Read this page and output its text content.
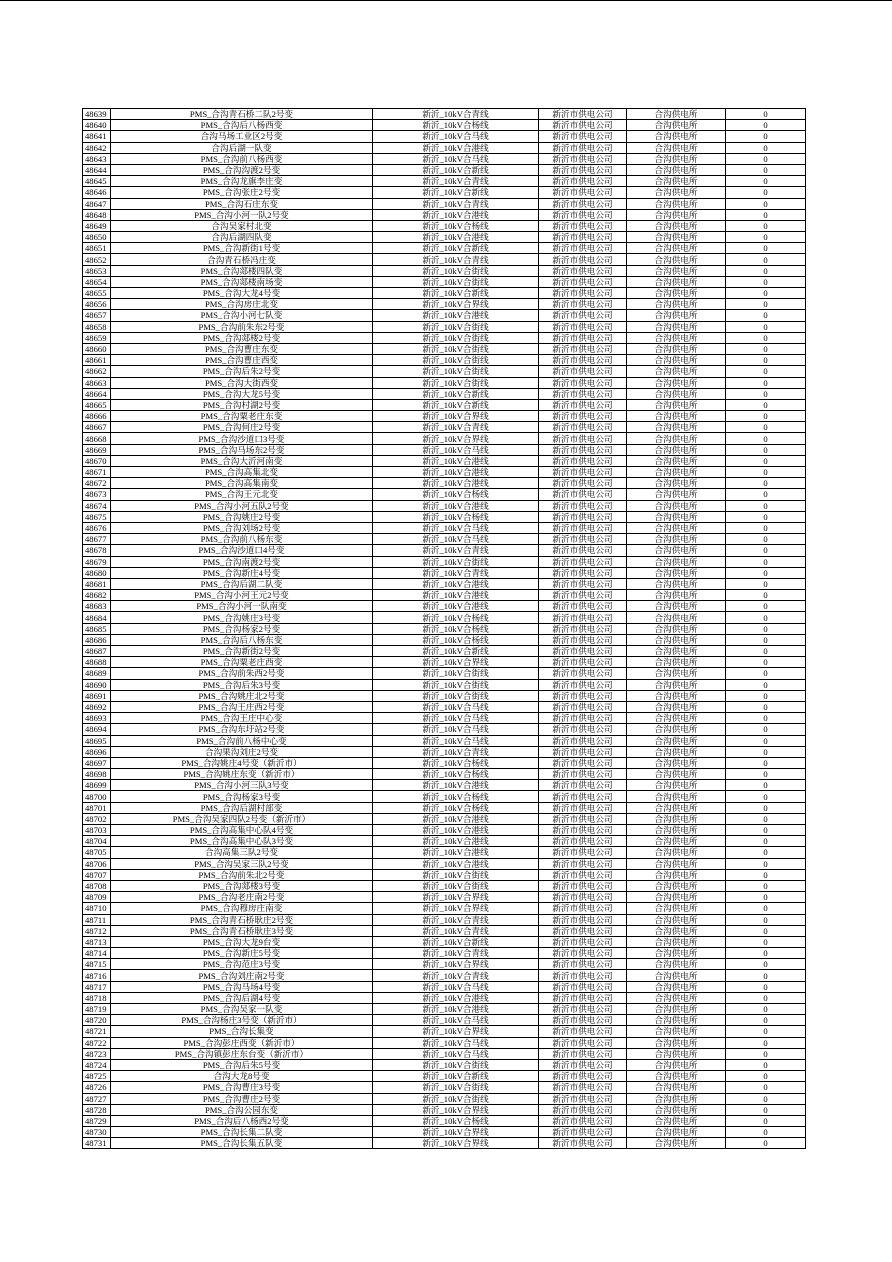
48639	PMS_合沟青石桥二队2号变	新沂_10kV合青线	新沂市供电公司	合沟供电所	0
48640	PMS_合沟后八杨西变	新沂_10kV合杨线	新沂市供电公司	合沟供电所	0
48641	合沟马场工业区2号变	新沂_10kV合马线	新沂市供电公司	合沟供电所	0
48642	合沟后湖一队变	新沂_10kV合港线	新沂市供电公司	合沟供电所	0
48643	PMS_合沟前八杨西变	新沂_10kV合马线	新沂市供电公司	合沟供电所	0
48644	PMS_合沟沟渡2号变	新沂_10kV合新线	新沂市供电公司	合沟供电所	0
48645	PMS_合沟龙旗李庄变	新沂_10kV合青线	新沂市供电公司	合沟供电所	0
48646	PMS_合沟张庄2号变	新沂_10kV合新线	新沂市供电公司	合沟供电所	0
48647	PMS_合沟石庄东变	新沂_10kV合青线	新沂市供电公司	合沟供电所	0
48648	PMS_合沟小河一队2号变	新沂_10kV合港线	新沂市供电公司	合沟供电所	0
48649	合沟吴家村北变	新沂_10kV合杨线	新沂市供电公司	合沟供电所	0
48650	合沟后湖四队变	新沂_10kV合港线	新沂市供电公司	合沟供电所	0
48651	PMS_合沟新街1号变	新沂_10kV合新线	新沂市供电公司	合沟供电所	0
48652	合沟青石桥冯庄变	新沂_10kV合青线	新沂市供电公司	合沟供电所	0
48653	PMS_合沟郯楼四队变	新沂_10kV合街线	新沂市供电公司	合沟供电所	0
48654	PMS_合沟郯楼南场变	新沂_10kV合街线	新沂市供电公司	合沟供电所	0
48655	PMS_合沟大龙4号变	新沂_10kV合新线	新沂市供电公司	合沟供电所	0
48656	PMS_合沟房庄北变	新沂_10kV合界线	新沂市供电公司	合沟供电所	0
48657	PMS_合沟小河七队变	新沂_10kV合港线	新沂市供电公司	合沟供电所	0
48658	PMS_合沟前朱东2号变	新沂_10kV合街线	新沂市供电公司	合沟供电所	0
48659	PMS_合沟郯楼2号变	新沂_10kV合街线	新沂市供电公司	合沟供电所	0
48660	PMS_合沟曹庄东变	新沂_10kV合街线	新沂市供电公司	合沟供电所	0
48661	PMS_合沟曹庄西变	新沂_10kV合街线	新沂市供电公司	合沟供电所	0
48662	PMS_合沟后朱2号变	新沂_10kV合街线	新沂市供电公司	合沟供电所	0
48663	PMS_合沟大街西变	新沂_10kV合街线	新沂市供电公司	合沟供电所	0
48664	PMS_合沟大龙5号变	新沂_10kV合新线	新沂市供电公司	合沟供电所	0
48665	PMS_合沟村湖2号变	新沂_10kV合新线	新沂市供电公司	合沟供电所	0
48666	PMS_合沟粟老庄东变	新沂_10kV合界线	新沂市供电公司	合沟供电所	0
48667	PMS_合沟何庄2号变	新沂_10kV合青线	新沂市供电公司	合沟供电所	0
48668	PMS_合沟沙道口3号变	新沂_10kV合界线	新沂市供电公司	合沟供电所	0
48669	PMS_合沟马场东2号变	新沂_10kV合马线	新沂市供电公司	合沟供电所	0
48670	PMS_合沟大沂河南变	新沂_10kV合港线	新沂市供电公司	合沟供电所	0
48671	PMS_合沟高集北变	新沂_10kV合港线	新沂市供电公司	合沟供电所	0
48672	PMS_合沟高集南变	新沂_10kV合港线	新沂市供电公司	合沟供电所	0
48673	PMS_合沟王元北变	新沂_10kV合杨线	新沂市供电公司	合沟供电所	0
48674	PMS_合沟小河五队2号变	新沂_10kV合港线	新沂市供电公司	合沟供电所	0
48675	PMS_合沟姚庄2号变	新沂_10kV合杨线	新沂市供电公司	合沟供电所	0
48676	PMS_合沟刘场2号变	新沂_10kV合马线	新沂市供电公司	合沟供电所	0
48677	PMS_合沟前八杨东变	新沂_10kV合马线	新沂市供电公司	合沟供电所	0
48678	PMS_合沟沙道口4号变	新沂_10kV合青线	新沂市供电公司	合沟供电所	0
48679	PMS_合沟南渡2号变	新沂_10kV合街线	新沂市供电公司	合沟供电所	0
48680	PMS_合沟新庄4号变	新沂_10kV合青线	新沂市供电公司	合沟供电所	0
48681	PMS_合沟后湖二队变	新沂_10kV合港线	新沂市供电公司	合沟供电所	0
48682	PMS_合沟小河王元2号变	新沂_10kV合港线	新沂市供电公司	合沟供电所	0
48683	PMS_合沟小河一队南变	新沂_10kV合港线	新沂市供电公司	合沟供电所	0
48684	PMS_合沟姚庄3号变	新沂_10kV合杨线	新沂市供电公司	合沟供电所	0
48685	PMS_合沟杨家2号变	新沂_10kV合杨线	新沂市供电公司	合沟供电所	0
48686	PMS_合沟后八杨东变	新沂_10kV合杨线	新沂市供电公司	合沟供电所	0
48687	PMS_合沟新街2号变	新沂_10kV合新线	新沂市供电公司	合沟供电所	0
48688	PMS_合沟粟老庄西变	新沂_10kV合界线	新沂市供电公司	合沟供电所	0
48689	PMS_合沟前朱西2号变	新沂_10kV合街线	新沂市供电公司	合沟供电所	0
48690	PMS_合沟后朱3号变	新沂_10kV合街线	新沂市供电公司	合沟供电所	0
48691	PMS_合沟姚庄北2号变	新沂_10kV合街线	新沂市供电公司	合沟供电所	0
48692	PMS_合沟王庄西2号变	新沂_10kV合马线	新沂市供电公司	合沟供电所	0
48693	PMS_合沟王庄中心变	新沂_10kV合马线	新沂市供电公司	合沟供电所	0
48694	PMS_合沟东圩站2号变	新沂_10kV合马线	新沂市供电公司	合沟供电所	0
48695	PMS_合沟前八杨中心变	新沂_10kV合马线	新沂市供电公司	合沟供电所	0
48696	合沟果沟刘庄2号变	新沂_10kV合青线	新沂市供电公司	合沟供电所	0
48697	PMS_合沟姚庄4号变（新沂市）	新沂_10kV合杨线	新沂市供电公司	合沟供电所	0
48698	PMS_合沟姚庄东变（新沂市）	新沂_10kV合杨线	新沂市供电公司	合沟供电所	0
48699	PMS_合沟小河三队3号变	新沂_10kV合港线	新沂市供电公司	合沟供电所	0
48700	PMS_合沟杨家3号变	新沂_10kV合杨线	新沂市供电公司	合沟供电所	0
48701	PMS_合沟后湖村部变	新沂_10kV合杨线	新沂市供电公司	合沟供电所	0
48702	PMS_合沟吴家四队2号变（新沂市）	新沂_10kV合港线	新沂市供电公司	合沟供电所	0
48703	PMS_合沟高集中心队4号变	新沂_10kV合港线	新沂市供电公司	合沟供电所	0
48704	PMS_合沟高集中心队3号变	新沂_10kV合港线	新沂市供电公司	合沟供电所	0
48705	合沟高集三队2号变	新沂_10kV合港线	新沂市供电公司	合沟供电所	0
48706	PMS_合沟吴家三队2号变	新沂_10kV合港线	新沂市供电公司	合沟供电所	0
48707	PMS_合沟前朱北2号变	新沂_10kV合街线	新沂市供电公司	合沟供电所	0
48708	PMS_合沟郯楼3号变	新沂_10kV合街线	新沂市供电公司	合沟供电所	0
48709	PMS_合沟老庄南2号变	新沂_10kV合界线	新沂市供电公司	合沟供电所	0
48710	PMS_合沟穆房庄南变	新沂_10kV合界线	新沂市供电公司	合沟供电所	0
48711	PMS_合沟青石桥耿庄2号变	新沂_10kV合青线	新沂市供电公司	合沟供电所	0
48712	PMS_合沟青石桥耿庄3号变	新沂_10kV合青线	新沂市供电公司	合沟供电所	0
48713	PMS_合沟大龙9台变	新沂_10kV合新线	新沂市供电公司	合沟供电所	0
48714	PMS_合沟新庄5号变	新沂_10kV合青线	新沂市供电公司	合沟供电所	0
48715	PMS_合沟范庄3号变	新沂_10kV合界线	新沂市供电公司	合沟供电所	0
48716	PMS_合沟刘庄南2号变	新沂_10kV合青线	新沂市供电公司	合沟供电所	0
48717	PMS_合沟马场4号变	新沂_10kV合马线	新沂市供电公司	合沟供电所	0
48718	PMS_合沟后湖4号变	新沂_10kV合港线	新沂市供电公司	合沟供电所	0
48719	PMS_合沟吴家一队变	新沂_10kV合港线	新沂市供电公司	合沟供电所	0
48720	PMS_合沟杨庄3号变（新沂市）	新沂_10kV合马线	新沂市供电公司	合沟供电所	0
48721	PMS_合沟长集变	新沂_10kV合界线	新沂市供电公司	合沟供电所	0
48722	PMS_合沟彭庄西变（新沂市）	新沂_10kV合马线	新沂市供电公司	合沟供电所	0
48723	PMS_合沟镇彭庄东台变（新沂市）	新沂_10kV合马线	新沂市供电公司	合沟供电所	0
48724	PMS_合沟后朱5号变	新沂_10kV合街线	新沂市供电公司	合沟供电所	0
48725	合沟大龙8号变	新沂_10kV合新线	新沂市供电公司	合沟供电所	0
48726	PMS_合沟曹庄3号变	新沂_10kV合街线	新沂市供电公司	合沟供电所	0
48727	PMS_合沟曹庄2号变	新沂_10kV合街线	新沂市供电公司	合沟供电所	0
48728	PMS_合沟公园东变	新沂_10kV合界线	新沂市供电公司	合沟供电所	0
48729	PMS_合沟后八杨西2号变	新沂_10kV合杨线	新沂市供电公司	合沟供电所	0
48730	PMS_合沟长集二队变	新沂_10kV合界线	新沂市供电公司	合沟供电所	0
48731	PMS_合沟长集五队变	新沂_10kV合界线	新沂市供电公司	合沟供电所	0
